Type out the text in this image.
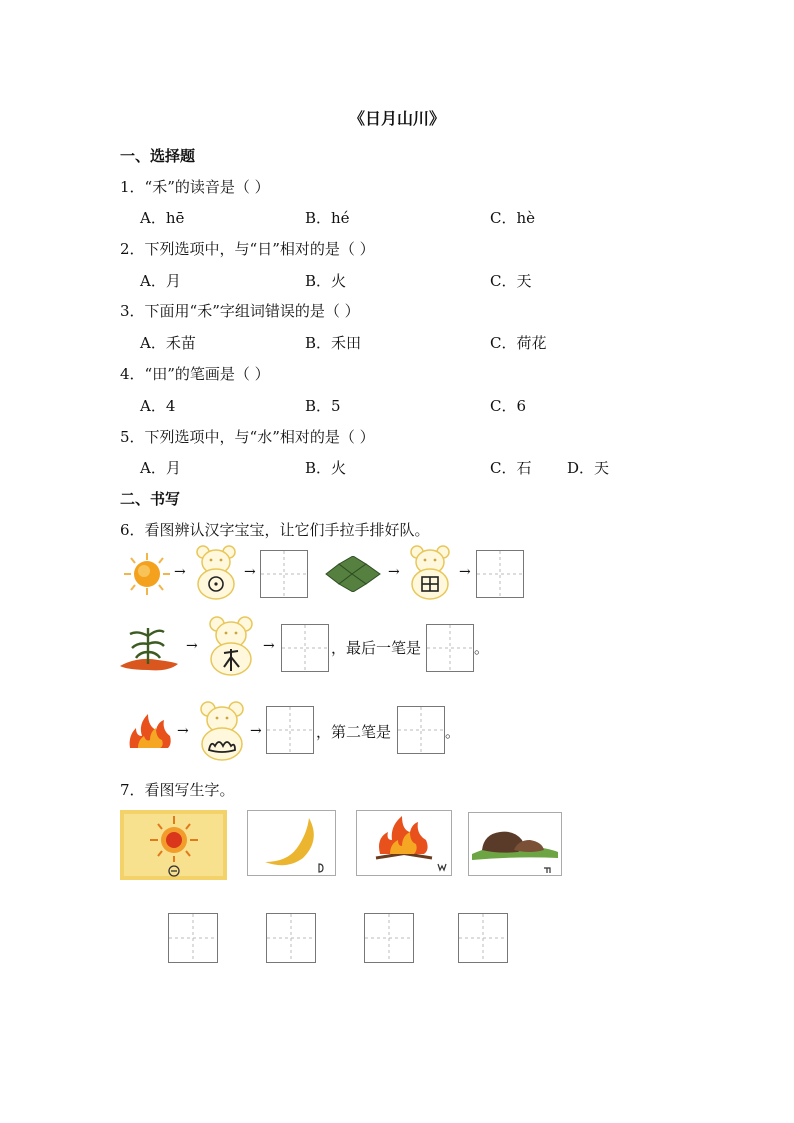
《日月山川》
一、选择题
1．“禾”的读音是（ ）
A．hē	B．hé	C．hè
2．下列选项中，与“日”相对的是（ ）
A．月	B．火	C．天
3．下面用“禾”字组词错误的是（ ）
A．禾苗	B．禾田	C．荷花
4．“田”的笔画是（ ）
A．4	B．5	C．6
5．下列选项中，与“水”相对的是（ ）
A．月	B．火	C．石 D．天
二、书写
6．看图辨认汉字宝宝，让它们手拉手排好队。
→	→	→	→
→	→	，最后一笔是	。
→	→	，第二笔是	。
7．看图写生字。
